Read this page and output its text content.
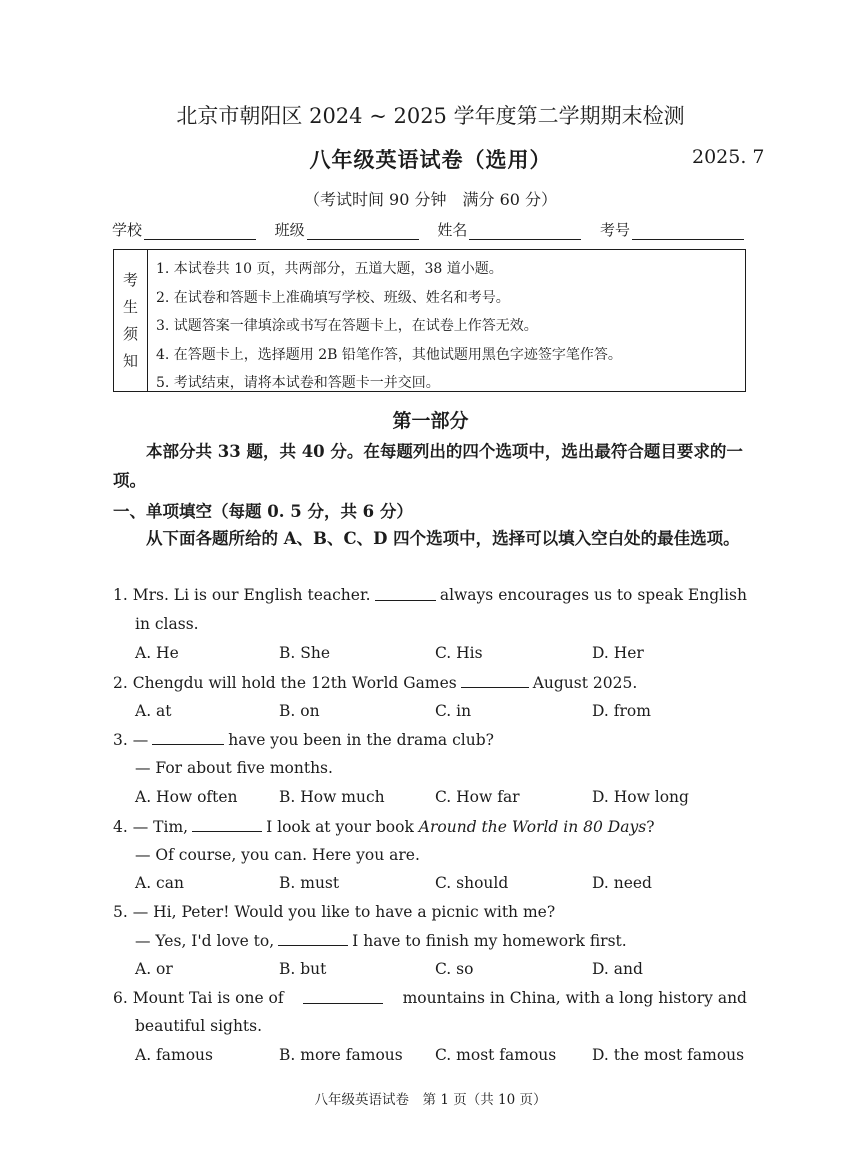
北京市朝阳区 2024 ~ 2025 学年度第二学期期末检测
八年级英语试卷（选用）	2025. 7
（考试时间 90 分钟　满分 60 分）
学校	班级	姓名	考号
考
生
须
知
1. 本试卷共 10 页，共两部分，五道大题，38 道小题。
2. 在试卷和答题卡上准确填写学校、班级、姓名和考号。
3. 试题答案一律填涂或书写在答题卡上，在试卷上作答无效。
4. 在答题卡上，选择题用 2B 铅笔作答，其他试题用黑色字迹签字笔作答。
5. 考试结束，请将本试卷和答题卡一并交回。
第一部分
本部分共 33 题，共 40 分。在每题列出的四个选项中，选出最符合题目要求的一项。
一、单项填空（每题 0. 5 分，共 6 分）
从下面各题所给的 A、B、C、D 四个选项中，选择可以填入空白处的最佳选项。
1. Mrs. Li is our English teacher.	always encourages us to speak English
in class.
A. He	B. She	C. His	D. Her
2. Chengdu will hold the 12th World Games	August 2025.
A. at	B. on	C. in	D. from
3. —	have you been in the drama club?
— For about five months.
A. How often	B. How much	C. How far	D. How long
4. — Tim,	I look at your book Around the World in 80 Days?
— Of course, you can. Here you are.
A. can	B. must	C. should	D. need
5. — Hi, Peter! Would you like to have a picnic with me?
— Yes, I'd love to,	I have to finish my homework first.
A. or	B. but	C. so	D. and
6. Mount Tai is one of	mountains in China, with a long history and
beautiful sights.
A. famous	B. more famous C. most famous D. the most famous
八年级英语试卷　第 1 页（共 10 页）
